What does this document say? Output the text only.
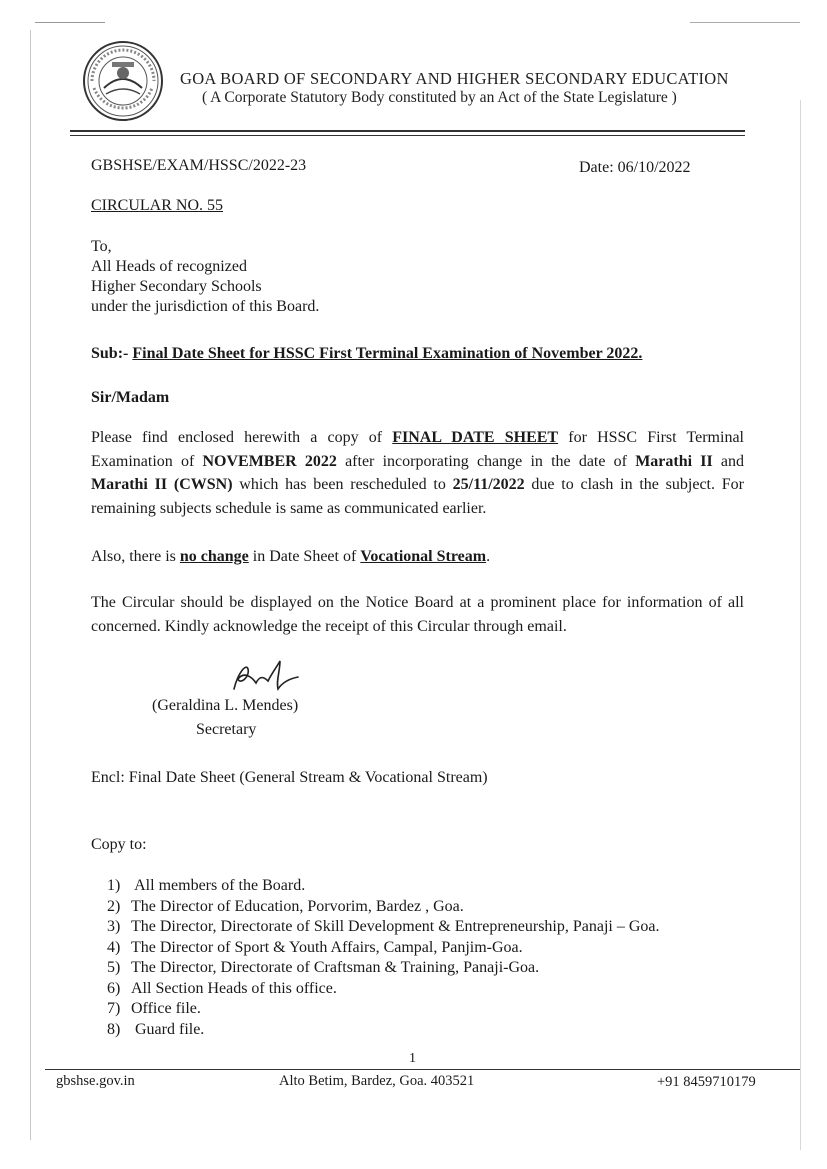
GOA BOARD OF SECONDARY AND HIGHER SECONDARY EDUCATION
( A Corporate Statutory Body constituted by an Act of the State Legislature )
GBSHSE/EXAM/HSSC/2022-23	Date: 06/10/2022
CIRCULAR NO. 55
To,
All Heads of recognized
Higher Secondary Schools
under the jurisdiction of this Board.
Sub:- Final Date Sheet for HSSC First Terminal Examination of November 2022.
Sir/Madam
Please find enclosed herewith a copy of FINAL DATE SHEET for HSSC First Terminal Examination of NOVEMBER 2022 after incorporating change in the date of Marathi II and Marathi II (CWSN) which has been rescheduled to 25/11/2022 due to clash in the subject. For remaining subjects schedule is same as communicated earlier.
Also, there is no change in Date Sheet of Vocational Stream.
The Circular should be displayed on the Notice Board at a prominent place for information of all concerned. Kindly acknowledge the receipt of this Circular through email.
(Geraldina L. Mendes)
Secretary
Encl: Final Date Sheet (General Stream & Vocational Stream)
Copy to:
1) All members of the Board.
2) The Director of Education, Porvorim, Bardez , Goa.
3) The Director, Directorate of Skill Development & Entrepreneurship, Panaji – Goa.
4) The Director of Sport & Youth Affairs, Campal, Panjim-Goa.
5) The Director, Directorate of Craftsman & Training, Panaji-Goa.
6) All Section Heads of this office.
7) Office file.
8) Guard file.
1
gbshse.gov.in	Alto Betim, Bardez, Goa. 403521	+91 8459710179
